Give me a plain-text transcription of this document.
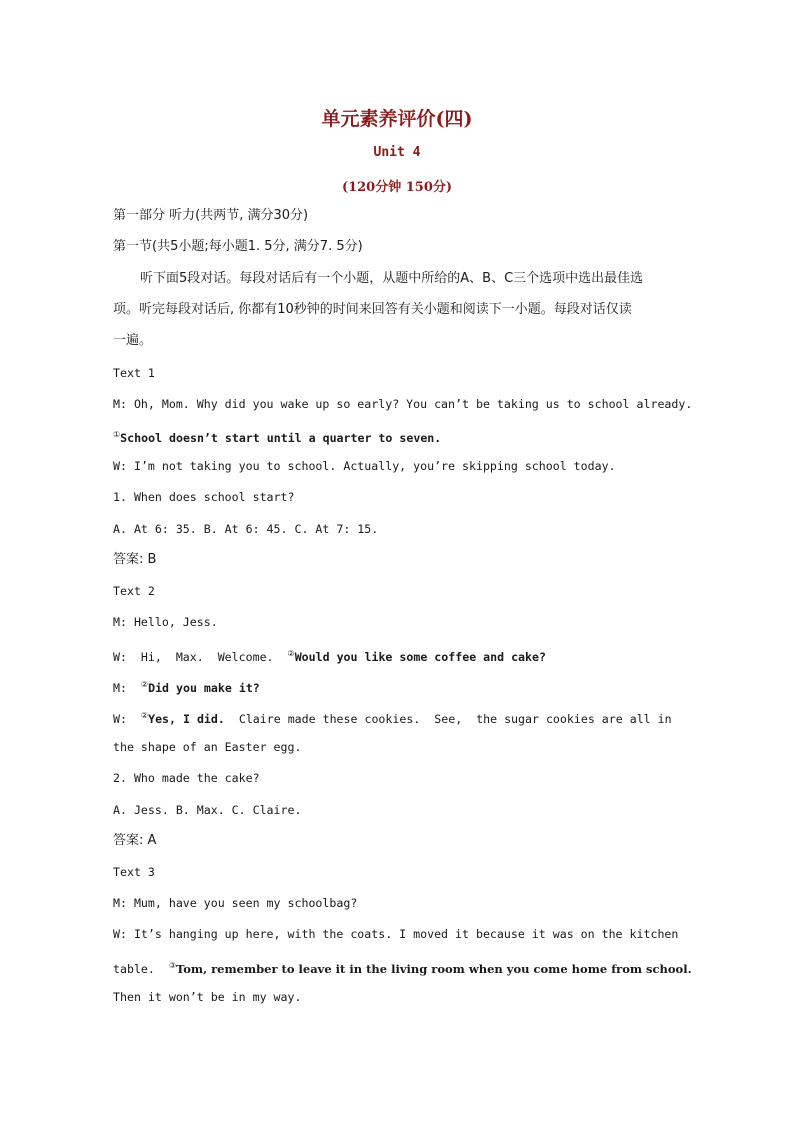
单元素养评价(四)
Unit 4
(120分钟 150分)
第一部分 听力(共两节, 满分30分)
第一节(共5小题;每小题1. 5分, 满分7. 5分)
听下面5段对话。每段对话后有一个小题，从题中所给的A、B、C三个选项中选出最佳选
项。听完每段对话后, 你都有10秒钟的时间来回答有关小题和阅读下一小题。每段对话仅读
一遍。
Text 1
M: Oh, Mom. Why did you wake up so early? You can’t be taking us to school already.
①School doesn’t start until a quarter to seven.
W: I’m not taking you to school. Actually, you’re skipping school today.
1. When does school start?
A. At 6: 35. B. At 6: 45. C. At 7: 15.
答案: B
Text 2
M: Hello, Jess.
W:  Hi,  Max.  Welcome.  ②Would you like some coffee and cake?
M:  ②Did you make it?
W:  ②Yes, I did.  Claire made these cookies.  See,  the sugar cookies are all in
the shape of an Easter egg.
2. Who made the cake?
A. Jess. B. Max. C. Claire.
答案: A
Text 3
M: Mum, have you seen my schoolbag?
W: It’s hanging up here, with the coats. I moved it because it was on the kitchen
table.  ③Tom, remember to leave it in the living room when you come home from school.
Then it won’t be in my way.
